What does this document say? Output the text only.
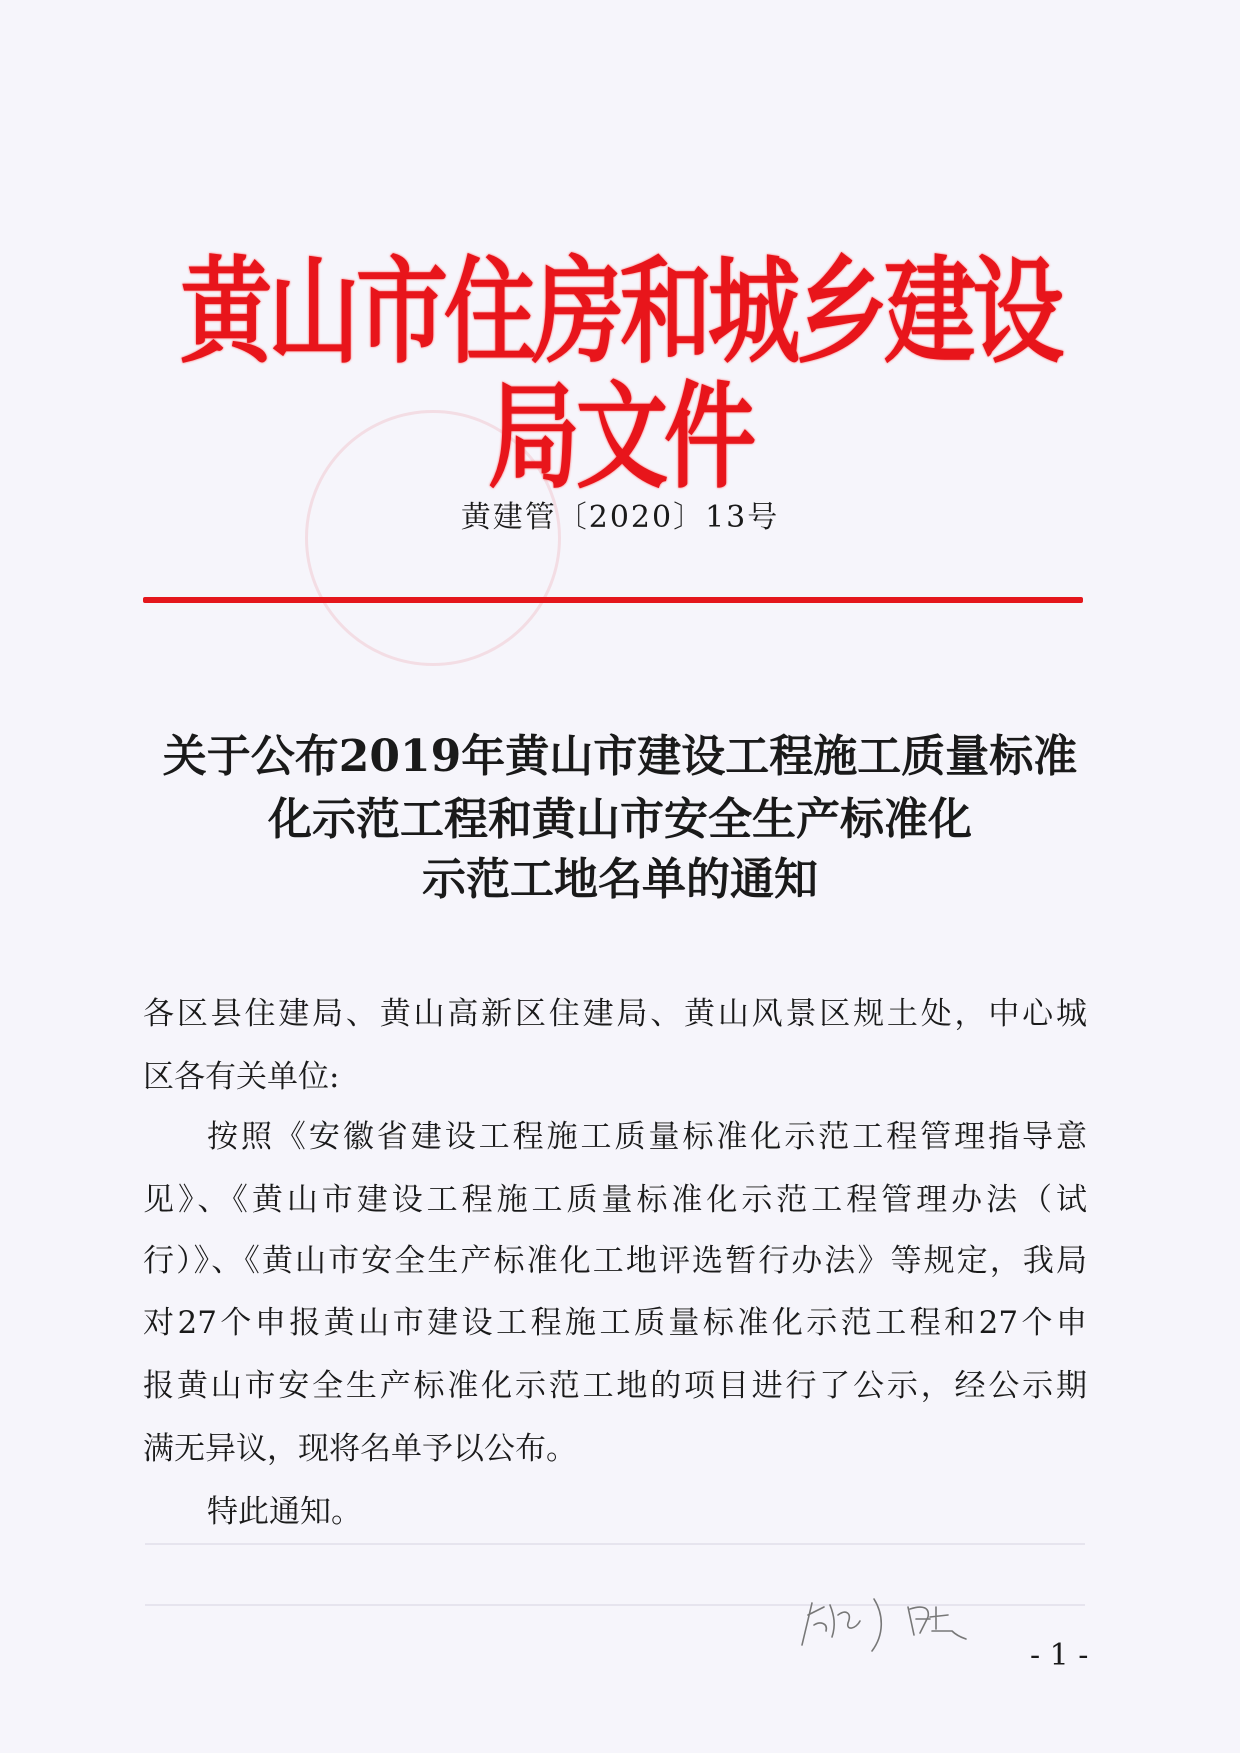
黄山市住房和城乡建设局文件
黄建管〔2020〕13号
关于公布2019年黄山市建设工程施工质量标准
化示范工程和黄山市安全生产标准化
示范工地名单的通知
各区县住建局、黄山高新区住建局、黄山风景区规土处，中心城
区各有关单位:
按照《安徽省建设工程施工质量标准化示范工程管理指导意
见》、《黄山市建设工程施工质量标准化示范工程管理办法（试
行）》、《黄山市安全生产标准化工地评选暂行办法》等规定，我局
对27个申报黄山市建设工程施工质量标准化示范工程和27个申
报黄山市安全生产标准化示范工地的项目进行了公示，经公示期
满无异议，现将名单予以公布。
特此通知。
- 1 -
